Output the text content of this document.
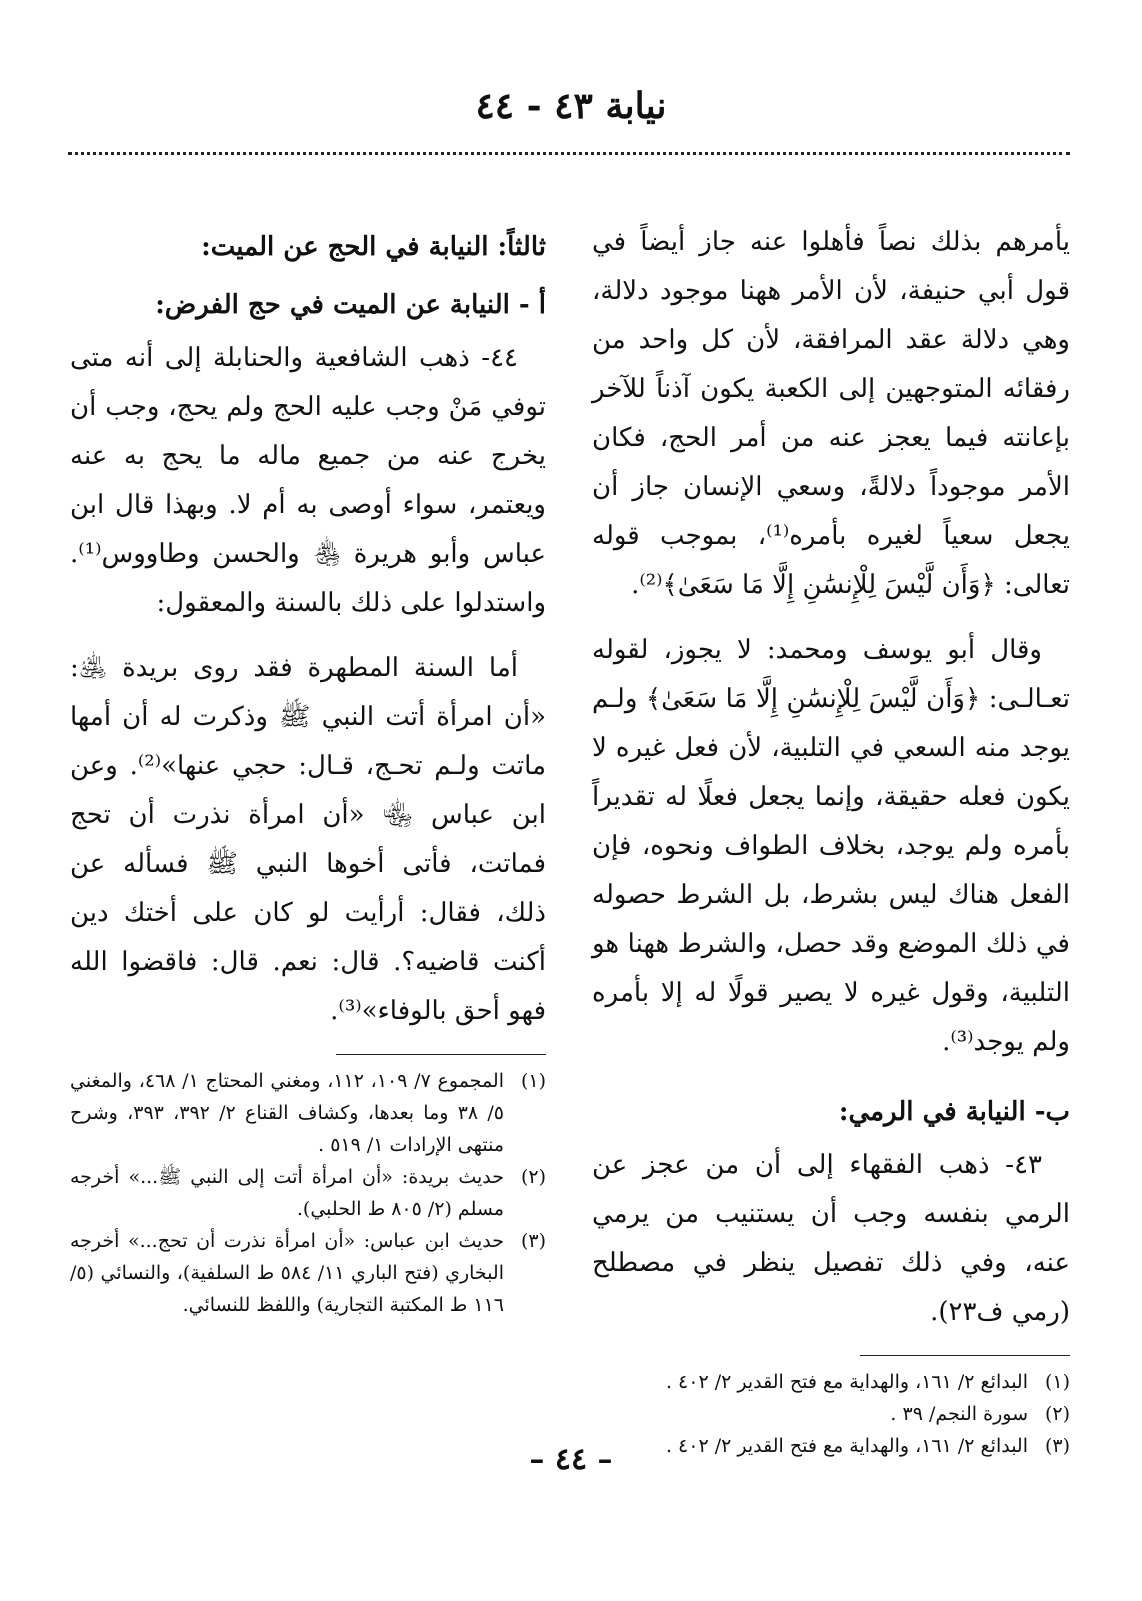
نيابة ٤٣ - ٤٤

يأمرهم بذلك نصاً فأهلوا عنه جاز أيضاً في قول أبي حنيفة، لأن الأمر ههنا موجود دلالة، وهي دلالة عقد المرافقة، لأن كل واحد من رفقائه المتوجهين إلى الكعبة يكون آذناً للآخر بإعانته فيما يعجز عنه من أمر الحج، فكان الأمر موجوداً دلالةً، وسعي الإنسان جاز أن يجعل سعياً لغيره بأمره⁽¹⁾، بموجب قوله تعالى: ﴿وَأَن لَّيْسَ لِلْإِنسَٰنِ إِلَّا مَا سَعَىٰ﴾⁽²⁾.

وقال أبو يوسف ومحمد: لا يجوز، لقوله تعـالـى: ﴿وَأَن لَّيْسَ لِلْإِنسَٰنِ إِلَّا مَا سَعَىٰ﴾ ولـم يوجد منه السعي في التلبية، لأن فعل غيره لا يكون فعله حقيقة، وإنما يجعل فعلًا له تقديراً بأمره ولم يوجد، بخلاف الطواف ونحوه، فإن الفعل هناك ليس بشرط، بل الشرط حصوله في ذلك الموضع وقد حصل، والشرط ههنا هو التلبية، وقول غيره لا يصير قولًا له إلا بأمره ولم يوجد⁽³⁾.

ب- النيابة في الرمي:

٤٣- ذهب الفقهاء إلى أن من عجز عن الرمي بنفسه وجب أن يستنيب من يرمي عنه، وفي ذلك تفصيل ينظر في مصطلح (رمي ف٢٣).

(١)
البدائع ٢/ ١٦١، والهداية مع فتح القدير ٢/ ٤٠٢ .
(٢)
سورة النجم/ ٣٩ .
(٣)
البدائع ٢/ ١٦١، والهداية مع فتح القدير ٢/ ٤٠٢ .
ثالثاً: النيابة في الحج عن الميت:
أ - النيابة عن الميت في حج الفرض:

٤٤- ذهب الشافعية والحنابلة إلى أنه متى توفي مَنْ وجب عليه الحج ولم يحج، وجب أن يخرج عنه من جميع ماله ما يحج به عنه ويعتمر، سواء أوصى به أم لا. وبهذا قال ابن عباس وأبو هريرة ﵃ والحسن وطاووس⁽¹⁾. واستدلوا على ذلك بالسنة والمعقول:

أما السنة المطهرة فقد روى بريدة ﵁: «أن امرأة أتت النبي ﷺ وذكرت له أن أمها ماتت ولـم تحـج، قـال: حجي عنها»⁽²⁾. وعن ابن عباس ﵄ «أن امرأة نذرت أن تحج فماتت، فأتى أخوها النبي ﷺ فسأله عن ذلك، فقال: أرأيت لو كان على أختك دين أكنت قاضيه؟. قال: نعم. قال: فاقضوا الله فهو أحق بالوفاء»⁽³⁾.

(١)
المجموع ٧/ ١٠٩، ١١٢، ومغني المحتاج ١/ ٤٦٨، والمغني ٥/ ٣٨ وما بعدها، وكشاف القناع ٢/ ٣٩٢، ٣٩٣، وشرح منتهى الإرادات ١/ ٥١٩ .
(٢)
حديث بريدة: «أن امرأة أتت إلى النبي ﷺ...» أخرجه مسلم (٢/ ٨٠٥ ط الحلبي).
(٣)
حديث ابن عباس: «أن امرأة نذرت أن تحج...» أخرجه البخاري (فتح الباري ١١/ ٥٨٤ ط السلفية)، والنسائي (٥/ ١١٦ ط المكتبة التجارية) واللفظ للنسائي.
– ٤٤ –
